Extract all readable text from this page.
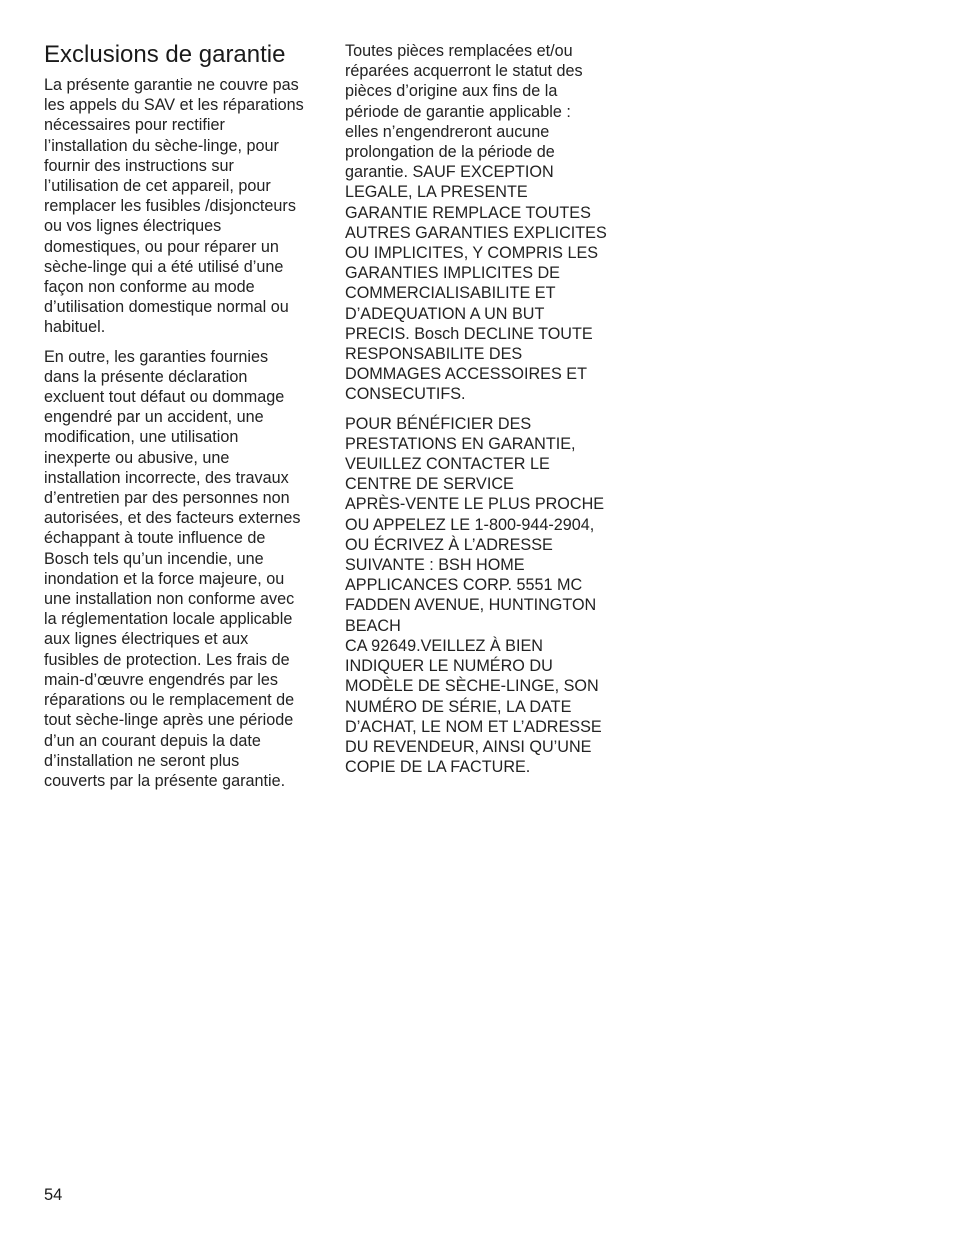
Exclusions de garantie

La présente garantie ne couvre pas
les appels du SAV et les réparations
nécessaires pour rectifier
l’installation du sèche-linge, pour
fournir des instructions sur
l’utilisation de cet appareil, pour
remplacer les fusibles /disjoncteurs
ou vos lignes électriques
domestiques, ou pour réparer un
sèche-linge qui a été utilisé d’une
façon non conforme au mode
d’utilisation domestique normal ou
habituel.

En outre, les garanties fournies
dans la présente déclaration
excluent tout défaut ou dommage
engendré par un accident, une
modification, une utilisation
inexperte ou abusive, une
installation incorrecte, des travaux
d’entretien par des personnes non
autorisées, et des facteurs externes
échappant à toute influence de
Bosch tels qu’un incendie, une
inondation et la force majeure, ou
une installation non conforme avec
la réglementation locale applicable
aux lignes électriques et aux
fusibles de protection. Les frais de
main-d’œuvre engendrés par les
réparations ou le remplacement de
tout sèche-linge après une période
d’un an courant depuis la date
d’installation ne seront plus
couverts par la présente garantie.

Toutes pièces remplacées et/ou
réparées acquerront le statut des
pièces d’origine aux fins de la
période de garantie applicable :
elles n’engendreront aucune
prolongation de la période de
garantie. SAUF EXCEPTION
LEGALE, LA PRESENTE
GARANTIE REMPLACE TOUTES
AUTRES GARANTIES EXPLICITES
OU IMPLICITES, Y COMPRIS LES
GARANTIES IMPLICITES DE
COMMERCIALISABILITE ET
D’ADEQUATION A UN BUT
PRECIS. Bosch DECLINE TOUTE
RESPONSABILITE DES
DOMMAGES ACCESSOIRES ET
CONSECUTIFS.

POUR BÉNÉFICIER DES
PRESTATIONS EN GARANTIE,
VEUILLEZ CONTACTER LE
CENTRE DE SERVICE
APRÈS-VENTE LE PLUS PROCHE
OU APPELEZ LE 1-800-944-2904,
OU ÉCRIVEZ À L’ADRESSE
SUIVANTE : BSH HOME
APPLICANCES CORP. 5551 MC
FADDEN AVENUE, HUNTINGTON
BEACH
CA 92649.VEILLEZ À BIEN
INDIQUER LE NUMÉRO DU
MODÈLE DE SÈCHE-LINGE, SON
NUMÉRO DE SÉRIE, LA DATE
D’ACHAT, LE NOM ET L’ADRESSE
DU REVENDEUR, AINSI QU’UNE
COPIE DE LA FACTURE.

54
